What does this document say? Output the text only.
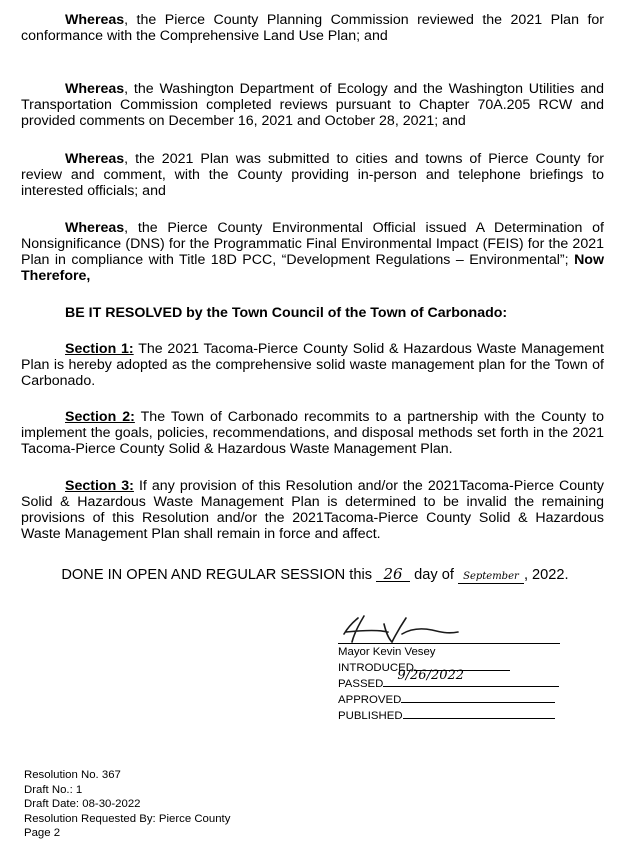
Whereas, the Pierce County Planning Commission reviewed the 2021 Plan for conformance with the Comprehensive Land Use Plan; and
Whereas, the Washington Department of Ecology and the Washington Utilities and Transportation Commission completed reviews pursuant to Chapter 70A.205 RCW and provided comments on December 16, 2021 and October 28, 2021; and
Whereas, the 2021 Plan was submitted to cities and towns of Pierce County for review and comment, with the County providing in-person and telephone briefings to interested officials; and
Whereas, the Pierce County Environmental Official issued A Determination of Nonsignificance (DNS) for the Programmatic Final Environmental Impact (FEIS) for the 2021 Plan in compliance with Title 18D PCC, “Development Regulations – Environmental”; Now Therefore,
BE IT RESOLVED by the Town Council of the Town of Carbonado:
Section 1: The 2021 Tacoma-Pierce County Solid & Hazardous Waste Management Plan is hereby adopted as the comprehensive solid waste management plan for the Town of Carbonado.
Section 2: The Town of Carbonado recommits to a partnership with the County to implement the goals, policies, recommendations, and disposal methods set forth in the 2021 Tacoma-Pierce County Solid & Hazardous Waste Management Plan.
Section 3: If any provision of this Resolution and/or the 2021Tacoma-Pierce County Solid & Hazardous Waste Management Plan is determined to be invalid the remaining provisions of this Resolution and/or the 2021Tacoma-Pierce County Solid & Hazardous Waste Management Plan shall remain in force and affect.
DONE IN OPEN AND REGULAR SESSION this 26 day of September , 2022.
Mayor Kevin Vesey
INTRODUCED
PASSED
9/26/2022
APPROVED
PUBLISHED
Resolution No. 367
Draft No.: 1
Draft Date: 08-30-2022
Resolution Requested By: Pierce County
Page 2
